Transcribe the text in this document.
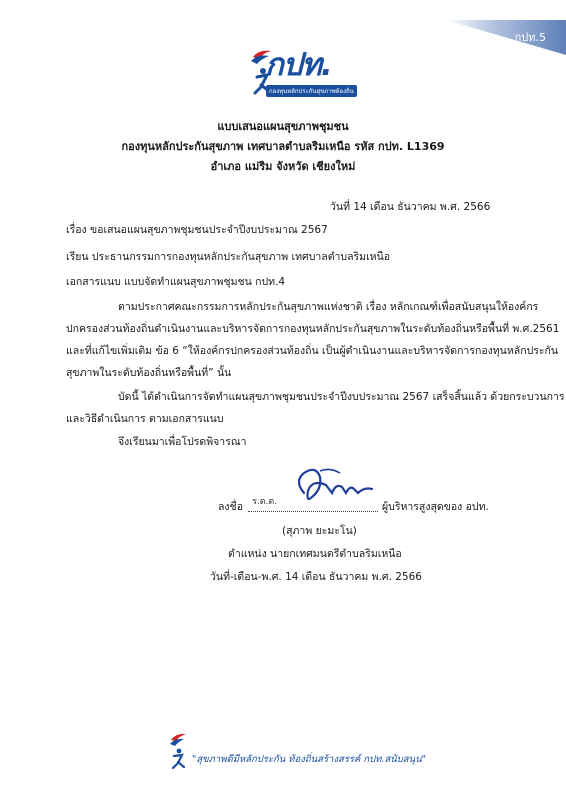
กปท.5
กปท.
กองทุนหลักประกันสุขภาพท้องถิ่น
แบบเสนอแผนสุขภาพชุมชน
กองทุนหลักประกันสุขภาพ เทศบาลตำบลริมเหนือ รหัส กปท. L1369
อำเภอ แม่ริม จังหวัด เชียงใหม่
วันที่ 14 เดือน ธันวาคม พ.ศ. 2566
เรื่อง ขอเสนอแผนสุขภาพชุมชนประจำปีงบประมาณ 2567
เรียน ประธานกรรมการกองทุนหลักประกันสุขภาพ เทศบาลตำบลริมเหนือ
เอกสารแนบ แบบจัดทำแผนสุขภาพชุมชน กปท.4
ตามประกาศคณะกรรมการหลักประกันสุขภาพแห่งชาติ เรื่อง หลักเกณฑ์เพื่อสนับสนุนให้องค์กร
ปกครองส่วนท้องถิ่นดำเนินงานและบริหารจัดการกองทุนหลักประกันสุขภาพในระดับท้องถิ่นหรือพื้นที่ พ.ศ.2561
และที่แก้ไขเพิ่มเติม ข้อ 6 “ให้องค์กรปกครองส่วนท้องถิ่น เป็นผู้ดำเนินงานและบริหารจัดการกองทุนหลักประกัน
สุขภาพในระดับท้องถิ่นหรือพื้นที่” นั้น
บัดนี้ ได้ดำเนินการจัดทำแผนสุขภาพชุมชนประจำปีงบประมาณ 2567 เสร็จสิ้นแล้ว ด้วยกระบวนการ
และวิธีดำเนินการ ตามเอกสารแนบ
จึงเรียนมาเพื่อโปรดพิจารณา
ลงชื่อ ร.ต.ต.	ผู้บริหารสูงสุดของ อปท.
(สุภาพ ยะมะโน)
ตำแหน่ง นายกเทศมนตรีตำบลริมเหนือ
วันที่-เดือน-พ.ศ. 14 เดือน ธันวาคม พ.ศ. 2566
"สุขภาพดีมีหลักประกัน ท้องถิ่นสร้างสรรค์ กปท.สนับสนุน"
